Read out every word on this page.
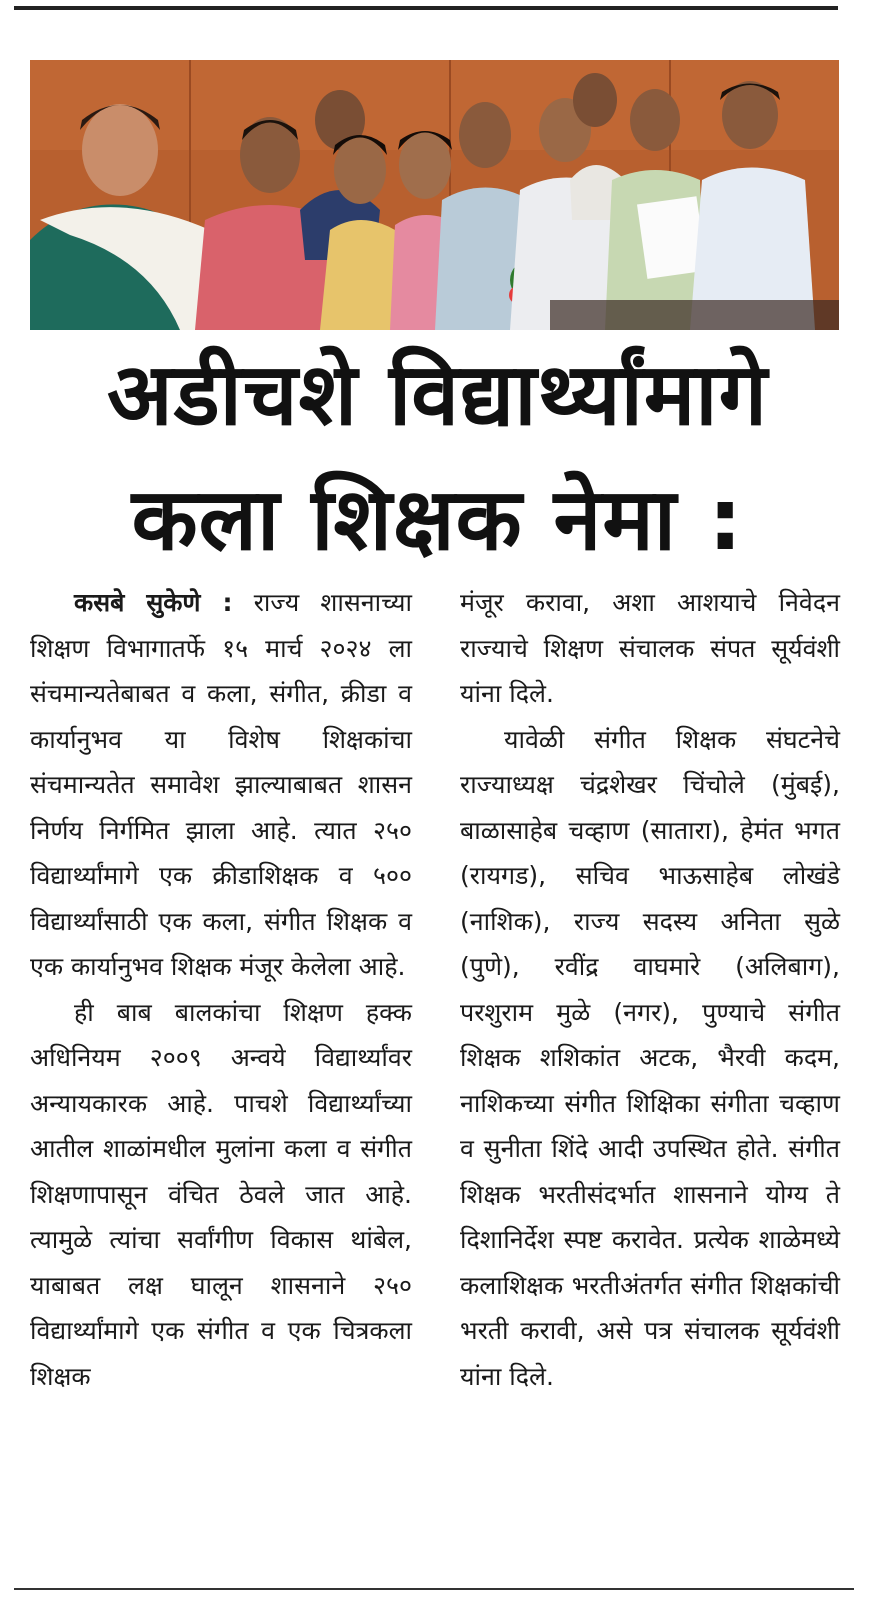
अडीचशे विद्यार्थ्यांमागे
कला शिक्षक नेमा :

कसबे सुकेणे : राज्य शासनाच्या शिक्षण विभागातर्फे १५ मार्च २०२४ ला संचमान्यतेबाबत व कला, संगीत, क्रीडा व कार्यानुभव या विशेष शिक्षकांचा संचमान्यतेत समावेश झाल्याबाबत शासन निर्णय निर्गमित झाला आहे. त्यात २५० विद्यार्थ्यांमागे एक क्रीडाशिक्षक व ५०० विद्यार्थ्यांसाठी एक कला, संगीत शिक्षक व एक कार्यानुभव शिक्षक मंजूर केलेला आहे.

ही बाब बालकांचा शिक्षण हक्क अधिनियम २००९ अन्वये विद्यार्थ्यांवर अन्यायकारक आहे. पाचशे विद्यार्थ्यांच्या आतील शाळांमधील मुलांना कला व संगीत शिक्षणापासून वंचित ठेवले जात आहे. त्यामुळे त्यांचा सर्वांगीण विकास थांबेल, याबाबत लक्ष घालून शासनाने २५० विद्यार्थ्यांमागे एक संगीत व एक चित्रकला शिक्षक

मंजूर करावा, अशा आशयाचे निवेदन राज्याचे शिक्षण संचालक संपत सूर्यवंशी यांना दिले.

यावेळी संगीत शिक्षक संघटनेचे राज्याध्यक्ष चंद्रशेखर चिंचोले (मुंबई), बाळासाहेब चव्हाण (सातारा), हेमंत भगत (रायगड), सचिव भाऊसाहेब लोखंडे (नाशिक), राज्य सदस्य अनिता सुळे (पुणे), रवींद्र वाघमारे (अलिबाग), परशुराम मुळे (नगर), पुण्याचे संगीत शिक्षक शशिकांत अटक, भैरवी कदम, नाशिकच्या संगीत शिक्षिका संगीता चव्हाण व सुनीता शिंदे आदी उपस्थित होते. संगीत शिक्षक भरतीसंदर्भात शासनाने योग्य ते दिशानिर्देश स्पष्ट करावेत. प्रत्येक शाळेमध्ये कलाशिक्षक भरतीअंतर्गत संगीत शिक्षकांची भरती करावी, असे पत्र संचालक सूर्यवंशी यांना दिले.
